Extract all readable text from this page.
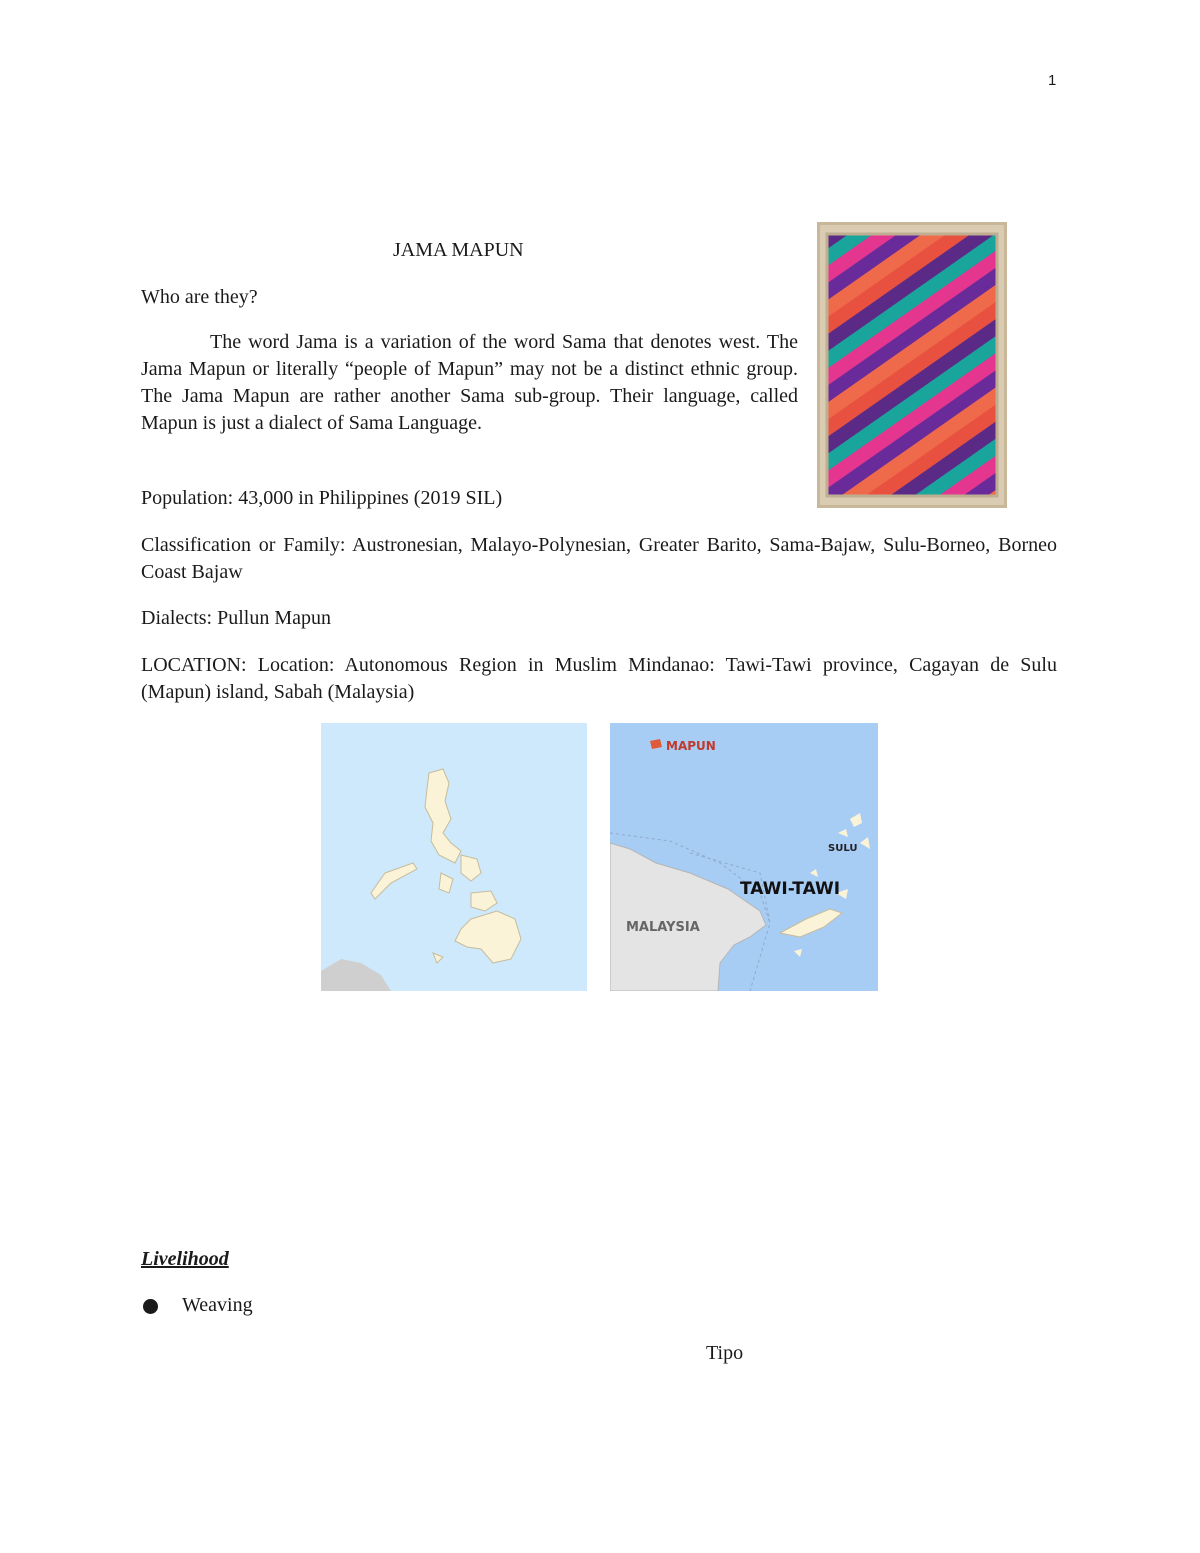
1
JAMA MAPUN
Who are they?
The word Jama is a variation of the word Sama that denotes west. The Jama Mapun or literally “people of Mapun” may not be a distinct ethnic group. The Jama Mapun are rather another Sama sub-group. Their language, called Mapun is just a dialect of Sama Language.
Population: 43,000 in Philippines (2019 SIL)
Classification or Family: Austronesian, Malayo-Polynesian, Greater Barito, Sama-Bajaw, Sulu-Borneo, Borneo Coast Bajaw
Dialects: Pullun Mapun
LOCATION: Location: Autonomous Region in Muslim Mindanao: Tawi-Tawi province, Cagayan de Sulu (Mapun) island, Sabah (Malaysia)
MAPUN
SULU
TAWI-TAWI
MALAYSIA
Livelihood
Weaving
Tipo
